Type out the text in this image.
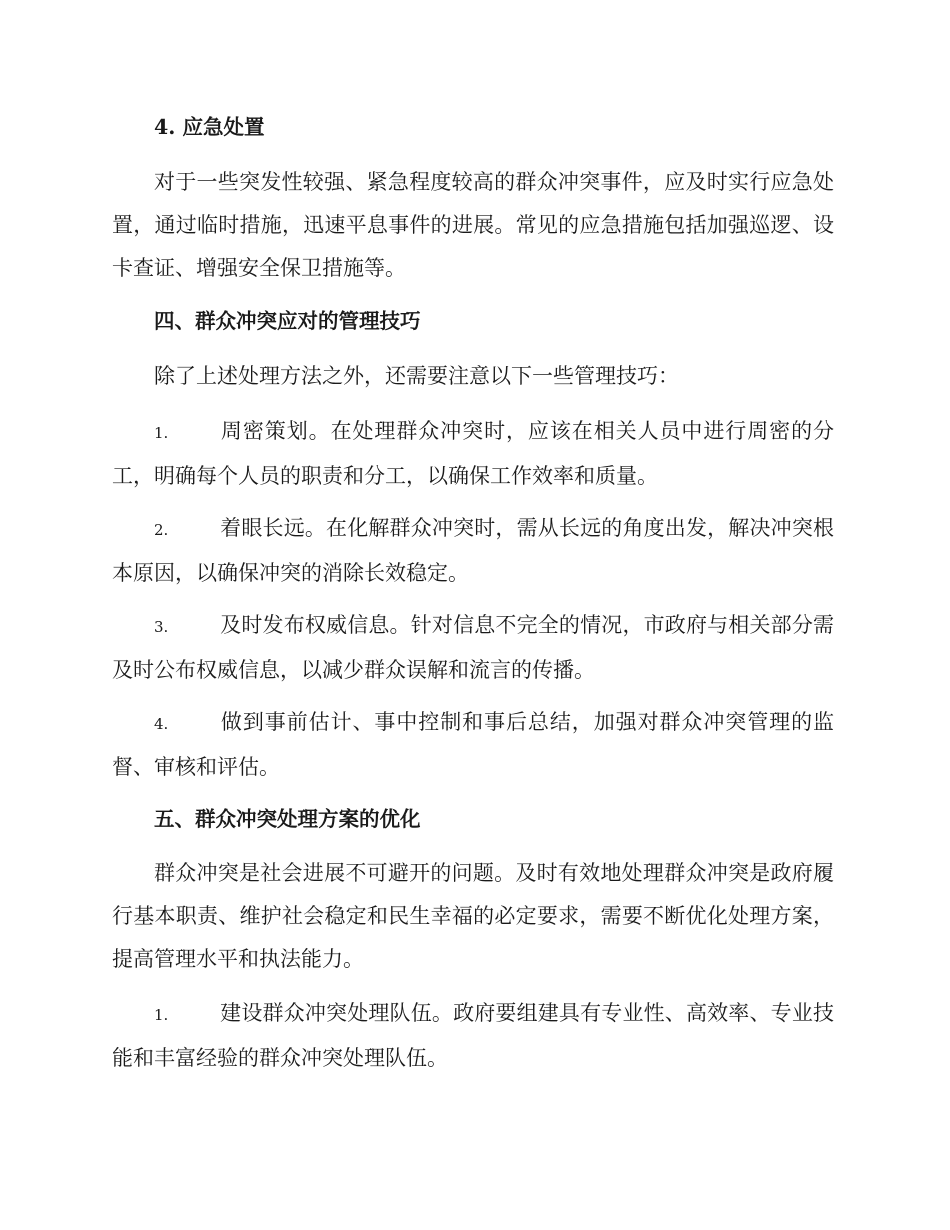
4. 应急处置

对于一些突发性较强、紧急程度较高的群众冲突事件，应及时实行应急处置，通过临时措施，迅速平息事件的进展。常见的应急措施包括加强巡逻、设卡查证、增强安全保卫措施等。

四、群众冲突应对的管理技巧

除了上述处理方法之外，还需要注意以下一些管理技巧：

1. 周密策划。在处理群众冲突时，应该在相关人员中进行周密的分工，明确每个人员的职责和分工，以确保工作效率和质量。

2. 着眼长远。在化解群众冲突时，需从长远的角度出发，解决冲突根本原因，以确保冲突的消除长效稳定。

3. 及时发布权威信息。针对信息不完全的情况，市政府与相关部分需及时公布权威信息，以减少群众误解和流言的传播。

4. 做到事前估计、事中控制和事后总结，加强对群众冲突管理的监督、审核和评估。

五、群众冲突处理方案的优化

群众冲突是社会进展不可避开的问题。及时有效地处理群众冲突是政府履行基本职责、维护社会稳定和民生幸福的必定要求，需要不断优化处理方案，提高管理水平和执法能力。

1. 建设群众冲突处理队伍。政府要组建具有专业性、高效率、专业技能和丰富经验的群众冲突处理队伍。
